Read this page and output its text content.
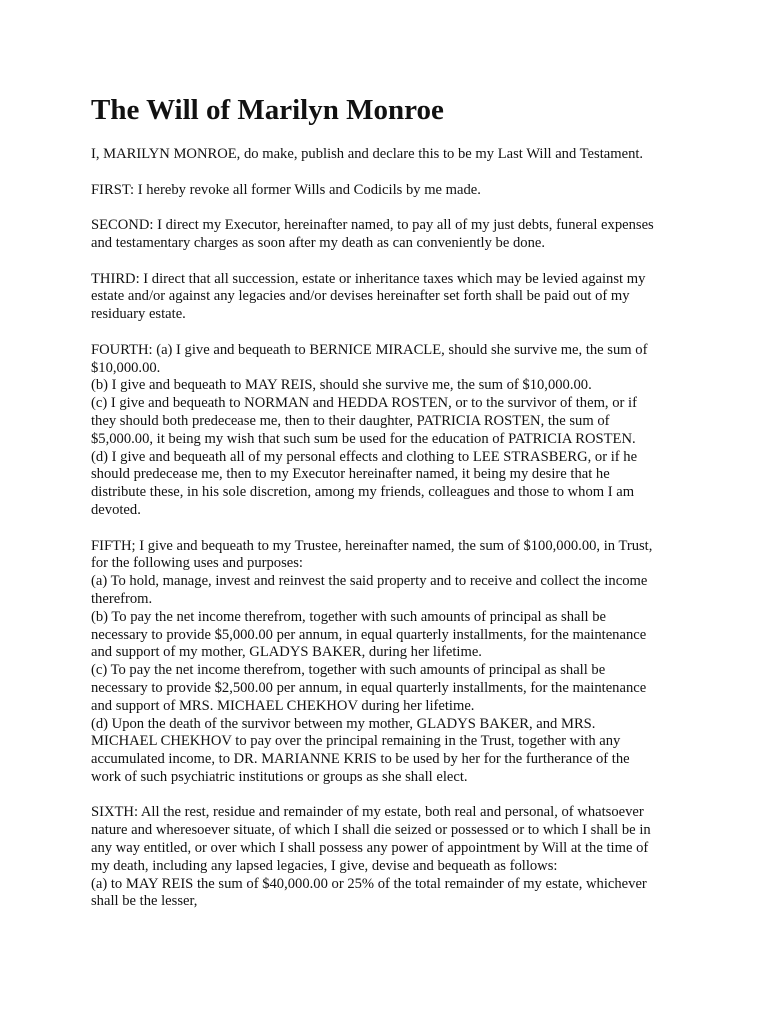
The Will of Marilyn Monroe

I, MARILYN MONROE, do make, publish and declare this to be my Last Will and Testament.

FIRST: I hereby revoke all former Wills and Codicils by me made.

SECOND: I direct my Executor, hereinafter named, to pay all of my just debts, funeral expenses
and testamentary charges as soon after my death as can conveniently be done.

THIRD: I direct that all succession, estate or inheritance taxes which may be levied against my
estate and/or against any legacies and/or devises hereinafter set forth shall be paid out of my
residuary estate.

FOURTH: (a) I give and bequeath to BERNICE MIRACLE, should she survive me, the sum of
$10,000.00.
(b) I give and bequeath to MAY REIS, should she survive me, the sum of $10,000.00.
(c) I give and bequeath to NORMAN and HEDDA ROSTEN, or to the survivor of them, or if
they should both predecease me, then to their daughter, PATRICIA ROSTEN, the sum of
$5,000.00, it being my wish that such sum be used for the education of PATRICIA ROSTEN.
(d) I give and bequeath all of my personal effects and clothing to LEE STRASBERG, or if he
should predecease me, then to my Executor hereinafter named, it being my desire that he
distribute these, in his sole discretion, among my friends, colleagues and those to whom I am
devoted.

FIFTH; I give and bequeath to my Trustee, hereinafter named, the sum of $100,000.00, in Trust,
for the following uses and purposes:
(a) To hold, manage, invest and reinvest the said property and to receive and collect the income
therefrom.
(b) To pay the net income therefrom, together with such amounts of principal as shall be
necessary to provide $5,000.00 per annum, in equal quarterly installments, for the maintenance
and support of my mother, GLADYS BAKER, during her lifetime.
(c) To pay the net income therefrom, together with such amounts of principal as shall be
necessary to provide $2,500.00 per annum, in equal quarterly installments, for the maintenance
and support of MRS. MICHAEL CHEKHOV during her lifetime.
(d) Upon the death of the survivor between my mother, GLADYS BAKER, and MRS.
MICHAEL CHEKHOV to pay over the principal remaining in the Trust, together with any
accumulated income, to DR. MARIANNE KRIS to be used by her for the furtherance of the
work of such psychiatric institutions or groups as she shall elect.

SIXTH: All the rest, residue and remainder of my estate, both real and personal, of whatsoever
nature and wheresoever situate, of which I shall die seized or possessed or to which I shall be in
any way entitled, or over which I shall possess any power of appointment by Will at the time of
my death, including any lapsed legacies, I give, devise and bequeath as follows:
(a) to MAY REIS the sum of $40,000.00 or 25% of the total remainder of my estate, whichever
shall be the lesser,
